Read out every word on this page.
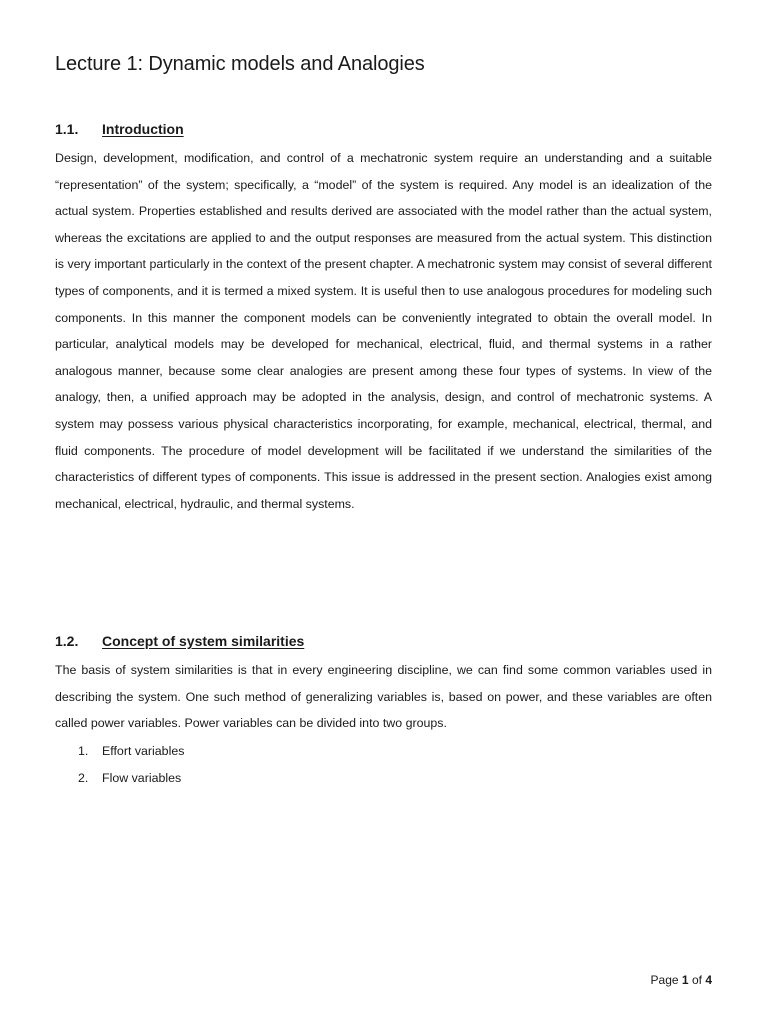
Lecture 1: Dynamic models and Analogies
1.1.	Introduction

Design, development, modification, and control of a mechatronic system require an understanding and a suitable “representation” of the system; specifically, a “model” of the system is required. Any model is an idealization of the actual system. Properties established and results derived are associated with the model rather than the actual system, whereas the excitations are applied to and the output responses are measured from the actual system. This distinction is very important particularly in the context of the present chapter. A mechatronic system may consist of several different types of components, and it is termed a mixed system. It is useful then to use analogous procedures for modeling such components. In this manner the component models can be conveniently integrated to obtain the overall model. In particular, analytical models may be developed for mechanical, electrical, fluid, and thermal systems in a rather analogous manner, because some clear analogies are present among these four types of systems. In view of the analogy, then, a unified approach may be adopted in the analysis, design, and control of mechatronic systems. A system may possess various physical characteristics incorporating, for example, mechanical, electrical, thermal, and fluid components. The procedure of model development will be facilitated if we understand the similarities of the characteristics of different types of components. This issue is addressed in the present section. Analogies exist among mechanical, electrical, hydraulic, and thermal systems.

1.2.	Concept of system similarities

The basis of system similarities is that in every engineering discipline, we can find some common variables used in describing the system. One such method of generalizing variables is, based on power, and these variables are often called power variables. Power variables can be divided into two groups.

1.	Effort variables
2.	Flow variables
Page 1 of 4
